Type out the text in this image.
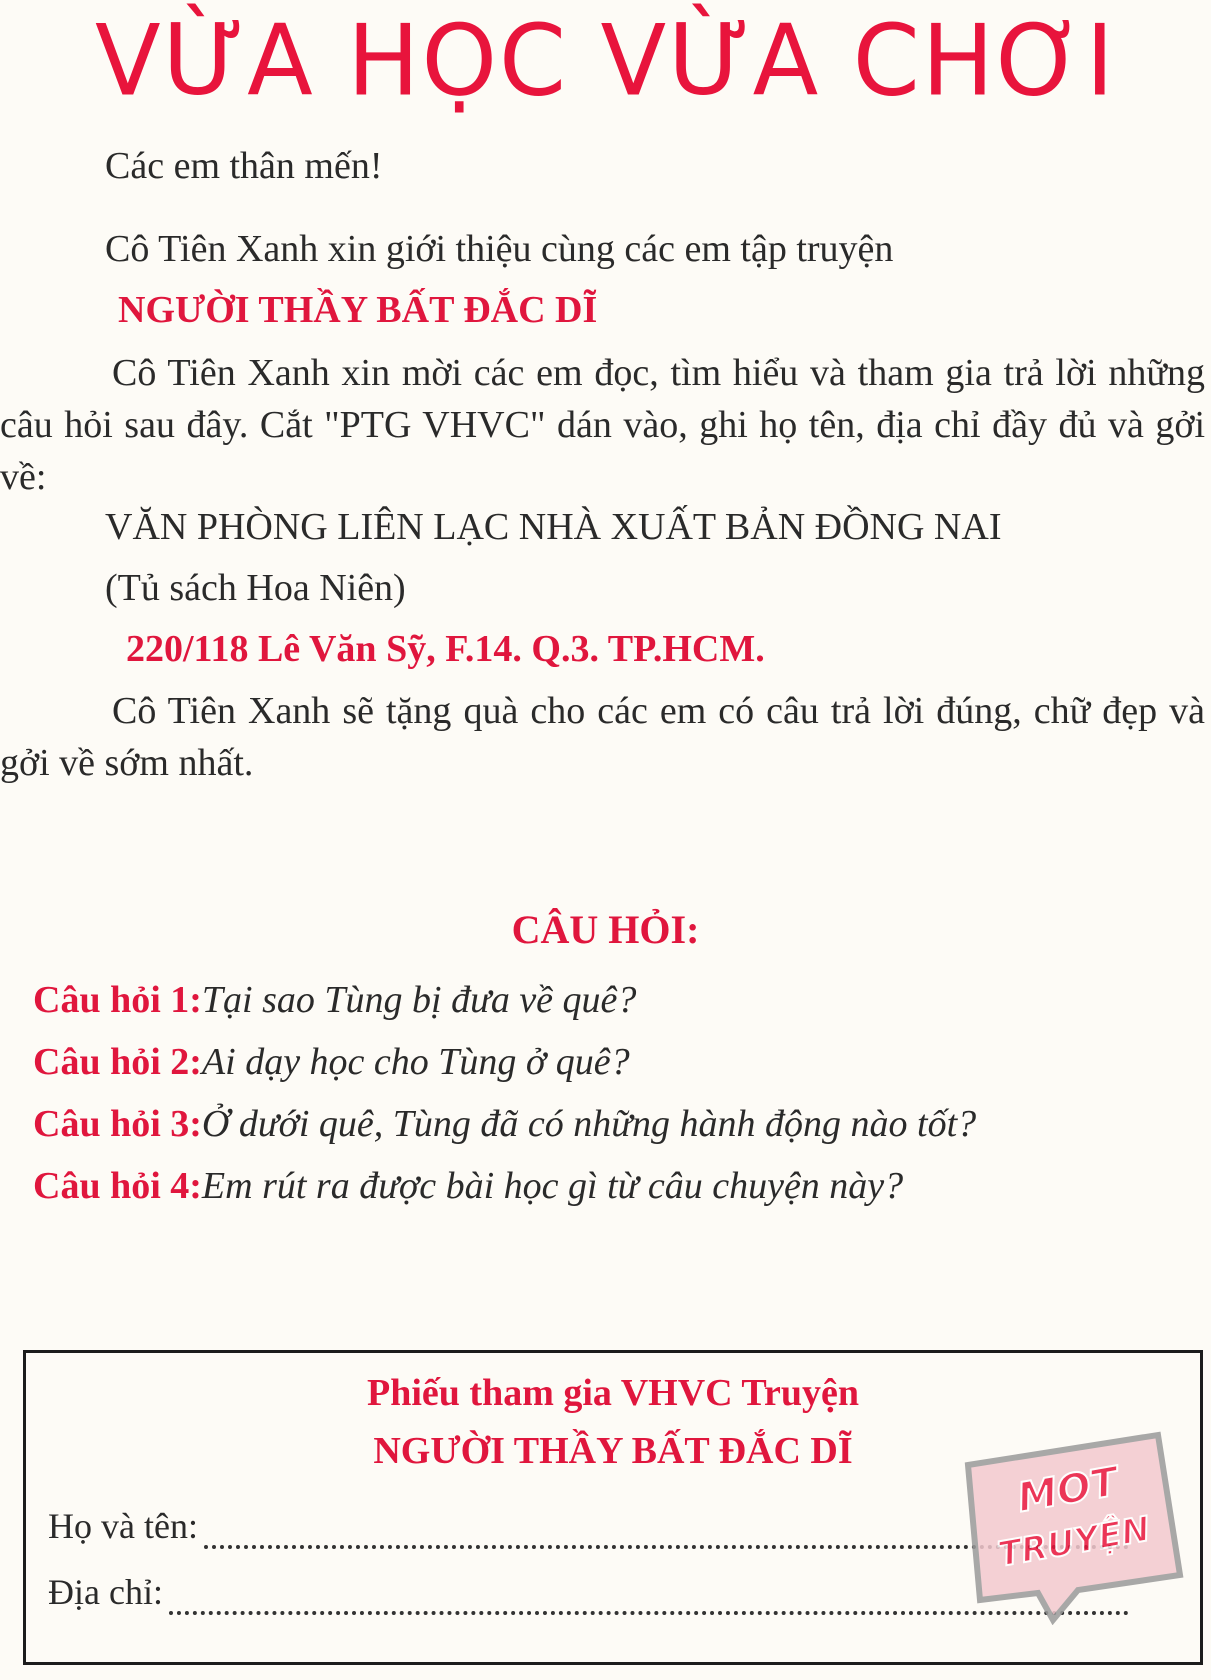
VỪA HỌC VỪA CHƠI
Các em thân mến!
Cô Tiên Xanh xin giới thiệu cùng các em tập truyện
NGƯỜI THẦY BẤT ĐẮC DĨ

Cô Tiên Xanh xin mời các em đọc, tìm hiểu và tham gia trả lời những câu hỏi sau đây. Cắt "PTG VHVC" dán vào, ghi họ tên, địa chỉ đầy đủ và gởi về:

VĂN PHÒNG LIÊN LẠC NHÀ XUẤT BẢN ĐỒNG NAI
(Tủ sách Hoa Niên)
220/118 Lê Văn Sỹ, F.14. Q.3. TP.HCM.

Cô Tiên Xanh sẽ tặng quà cho các em có câu trả lời đúng, chữ đẹp và gởi về sớm nhất.

CÂU HỎI:
Câu hỏi 1:Tại sao Tùng bị đưa về quê?
Câu hỏi 2:Ai dạy học cho Tùng ở quê?
Câu hỏi 3:Ở dưới quê, Tùng đã có những hành động nào tốt?
Câu hỏi 4:Em rút ra được bài học gì từ câu chuyện này?
Phiếu tham gia VHVC Truyện
NGƯỜI THẦY BẤT ĐẮC DĨ
Họ và tên:
Địa chỉ:
MOT
TRUYỆN
